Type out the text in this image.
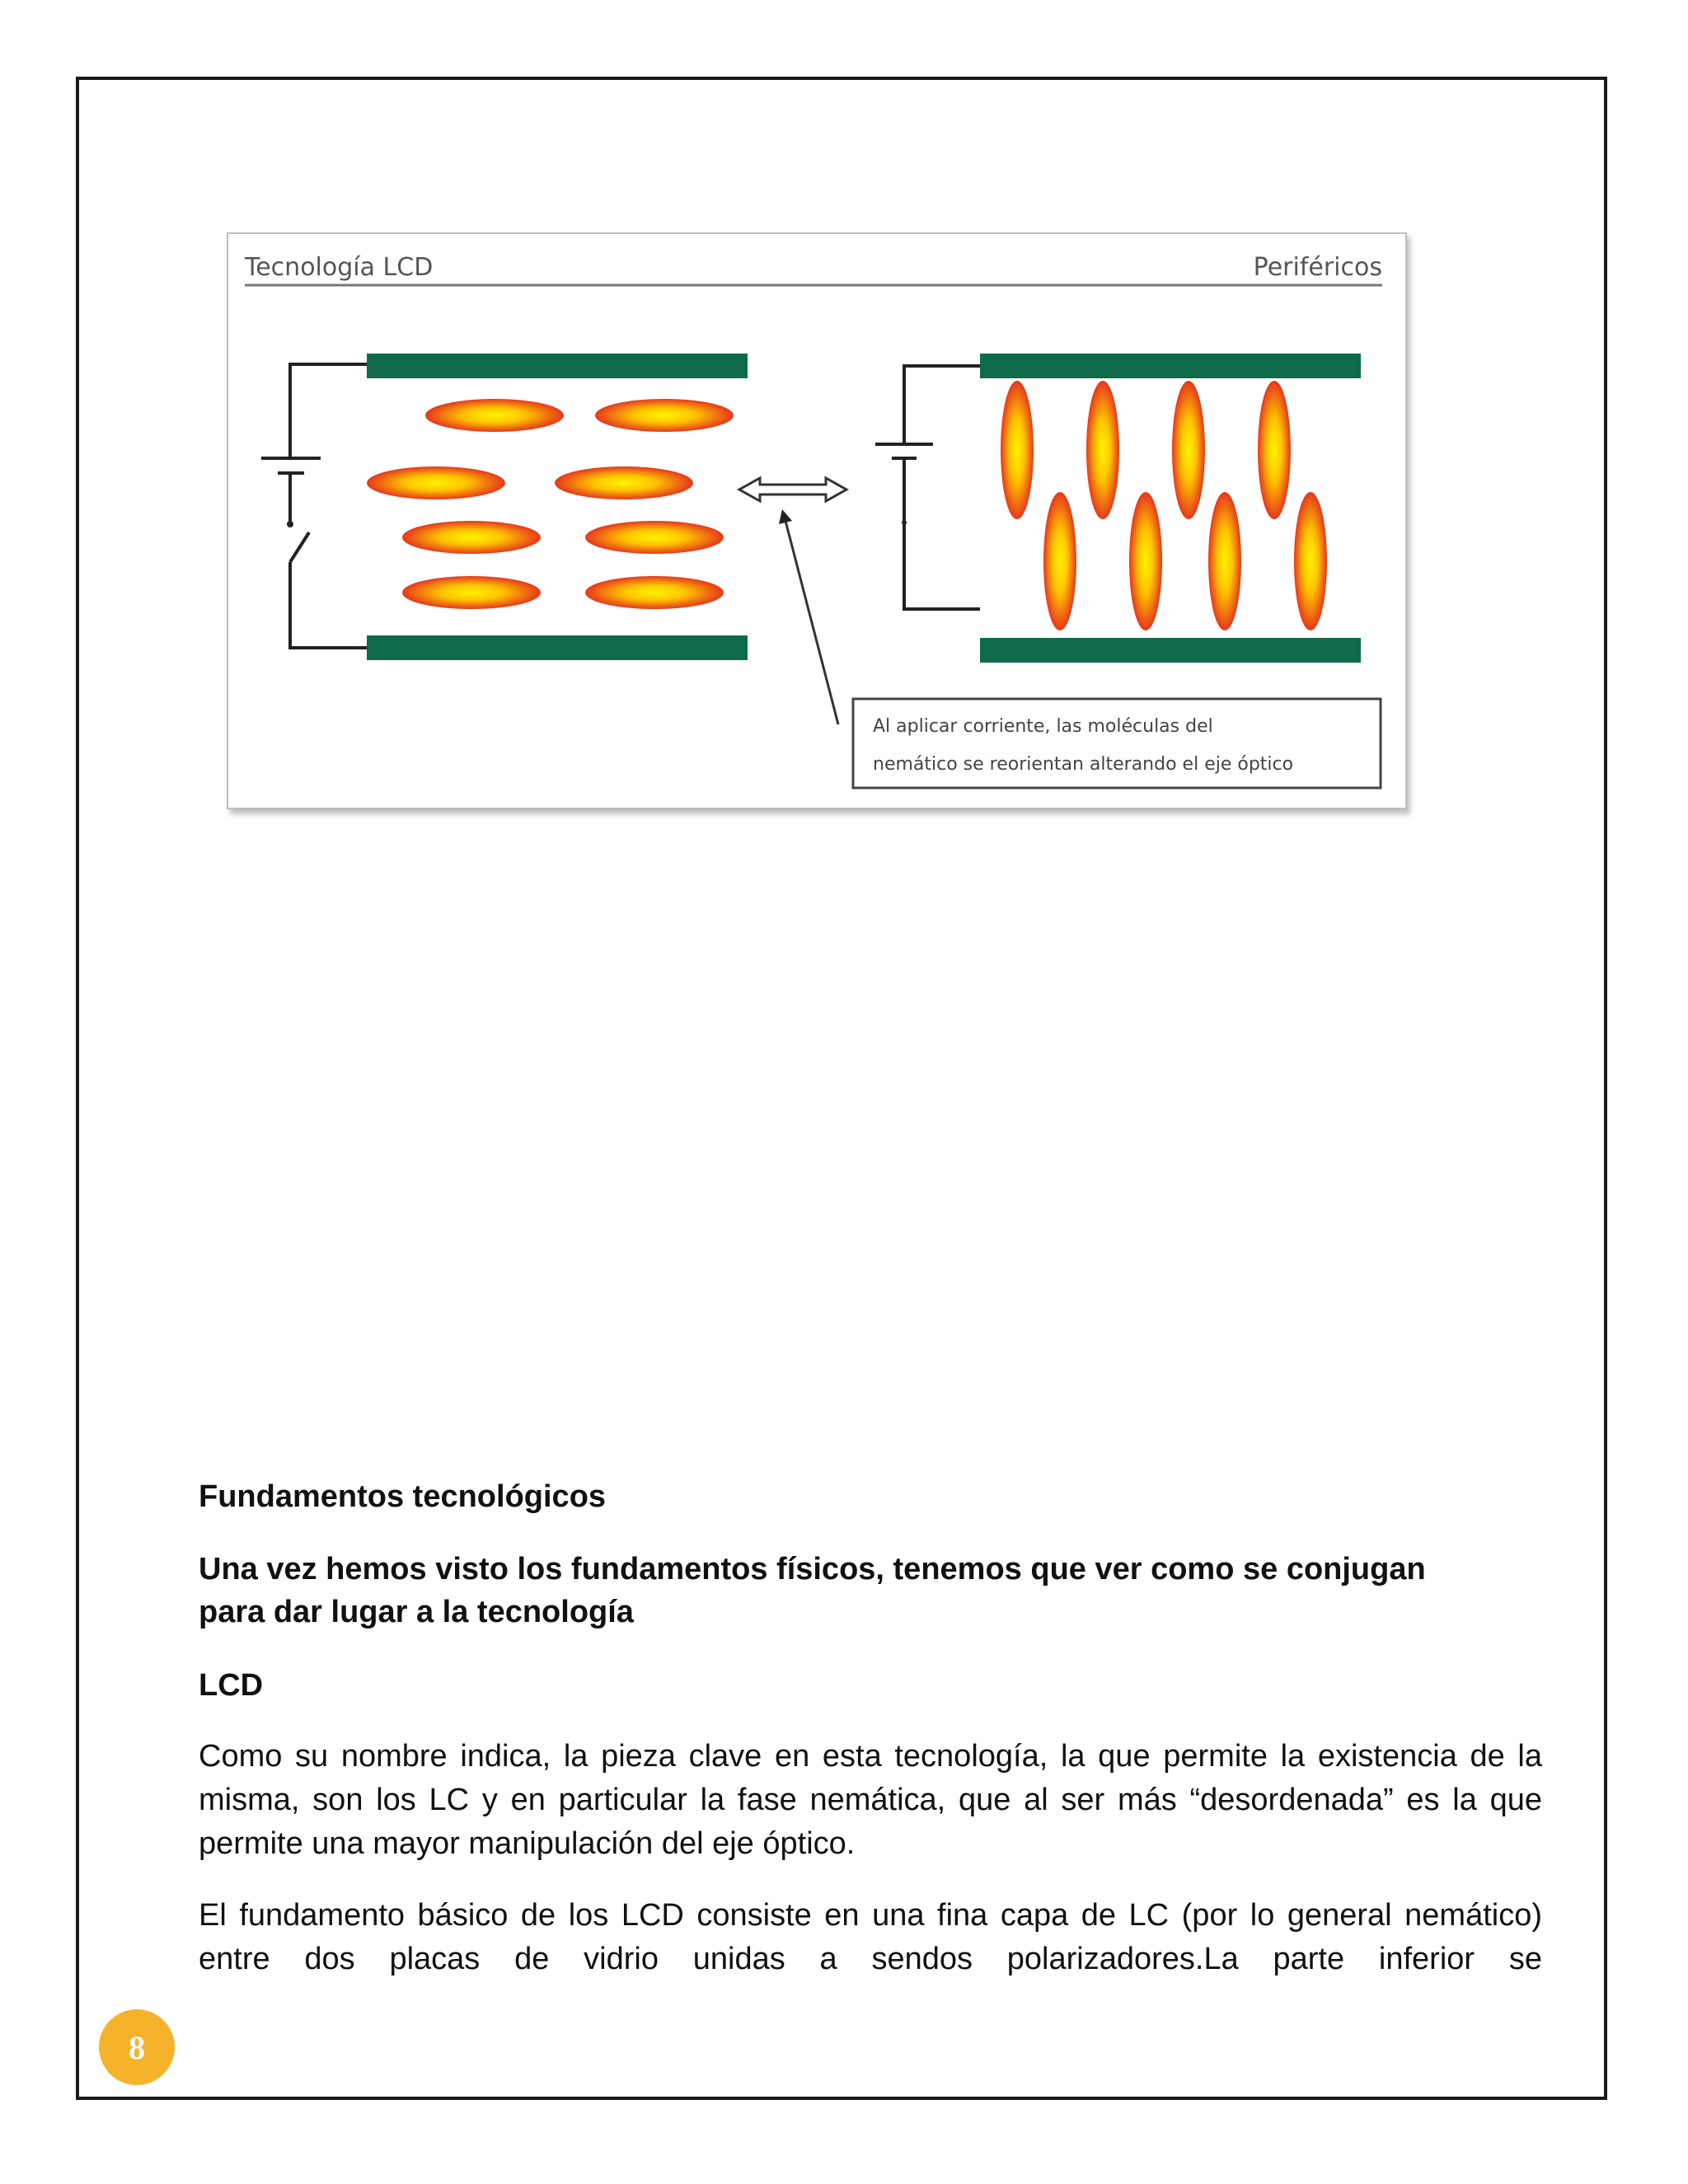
Tecnología LCD	Periféricos
Al aplicar corriente, las moléculas del
nemático se reorientan alterando el eje óptico

Fundamentos tecnológicos

Una vez hemos visto los fundamentos físicos, tenemos que ver como se conjugan

para dar lugar a la tecnología

LCD

Como su nombre indica, la pieza clave en esta tecnología, la que permite la existencia de la misma, son los LC y en particular la fase nemática, que al ser más “desordenada” es la que permite una mayor manipulación del eje óptico.

El fundamento básico de los LCD consiste en una fina capa de LC (por lo general nemático) entre dos placas de vidrio unidas a sendos polarizadores.La parte inferior se

8
